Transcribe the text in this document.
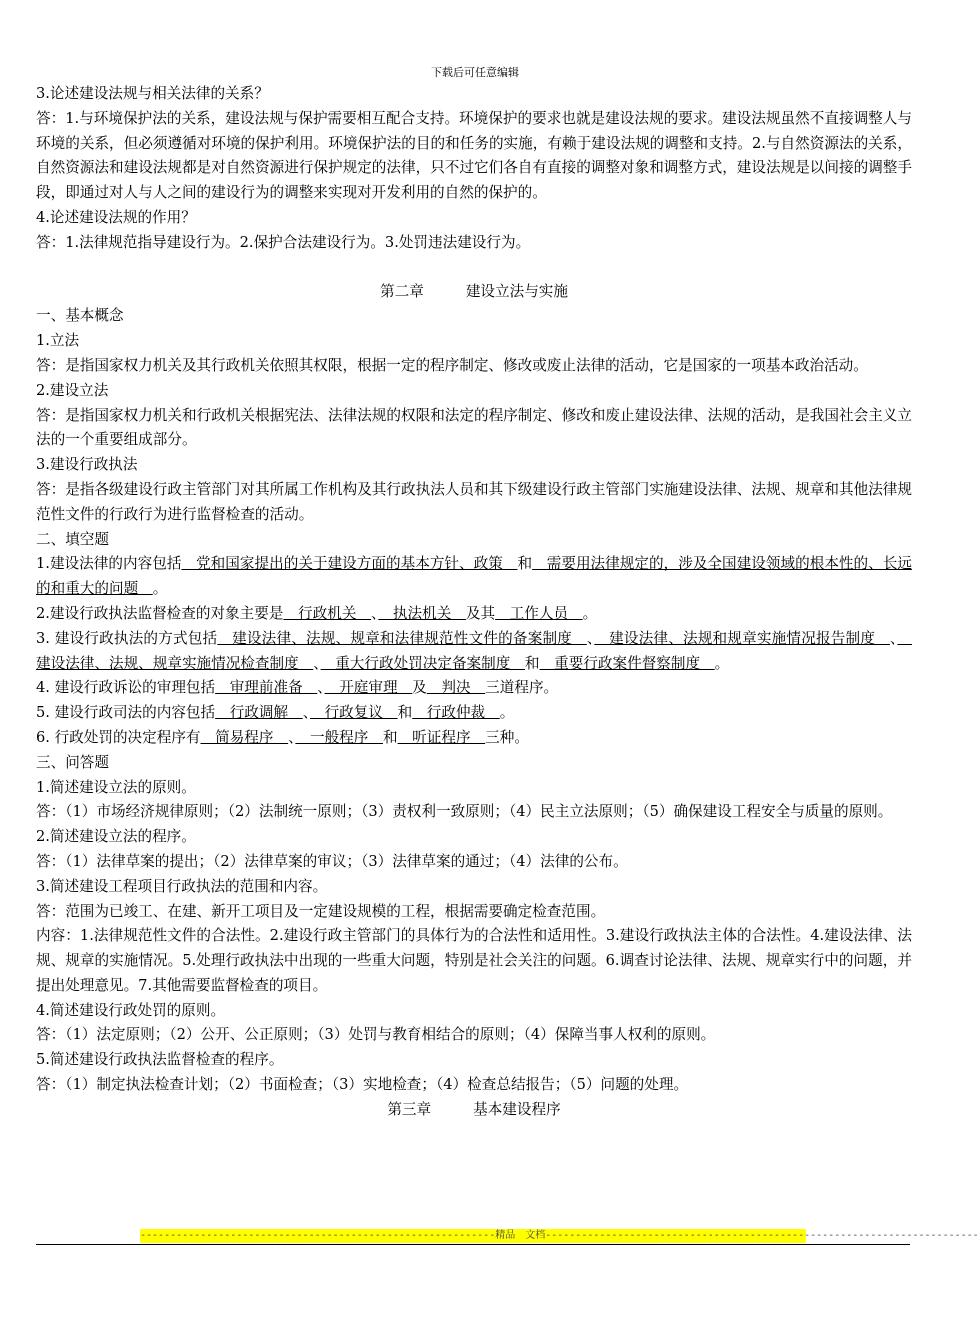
下载后可任意编辑

3.论述建设法规与相关法律的关系？

答：1.与环境保护法的关系，建设法规与保护需要相互配合支持。环境保护的要求也就是建设法规的要求。建设法规虽然不直接调整人与环境的关系，但必须遵循对环境的保护利用。环境保护法的目的和任务的实施，有赖于建设法规的调整和支持。2.与自然资源法的关系，自然资源法和建设法规都是对自然资源进行保护规定的法律，只不过它们各自有直接的调整对象和调整方式，建设法规是以间接的调整手段，即通过对人与人之间的建设行为的调整来实现对开发利用的自然的保护的。

4.论述建设法规的作用？

答：1.法律规范指导建设行为。2.保护合法建设行为。3.处罚违法建设行为。

第二章	建设立法与实施

一、基本概念

1.立法

答：是指国家权力机关及其行政机关依照其权限，根据一定的程序制定、修改或废止法律的活动，它是国家的一项基本政治活动。

2.建设立法

答：是指国家权力机关和行政机关根据宪法、法律法规的权限和法定的程序制定、修改和废止建设法律、法规的活动，是我国社会主义立法的一个重要组成部分。

3.建设行政执法

答：是指各级建设行政主管部门对其所属工作机构及其行政执法人员和其下级建设行政主管部门实施建设法律、法规、规章和其他法律规范性文件的行政行为进行监督检查的活动。

二、填空题

1.建设法律的内容包括　党和国家提出的关于建设方面的基本方针、政策　和　需要用法律规定的，涉及全国建设领域的根本性的、长远的和重大的问题　。

2.建设行政执法监督检查的对象主要是　行政机关　、　执法机关　及其　工作人员　。

3. 建设行政执法的方式包括　建设法律、法规、规章和法律规范性文件的备案制度　、　建设法律、法规和规章实施情况报告制度　、　建设法律、法规、规章实施情况检查制度　、　重大行政处罚决定备案制度　和　重要行政案件督察制度　。

4. 建设行政诉讼的审理包括　审理前准备　、　开庭审理　及　判决　三道程序。

5. 建设行政司法的内容包括　行政调解　、　行政复议　和　行政仲裁　。

6. 行政处罚的决定程序有　简易程序　、　一般程序　和　听证程序　三种。

三、问答题

1.简述建设立法的原则。

答：（1）市场经济规律原则；（2）法制统一原则；（3）责权利一致原则；（4）民主立法原则；（5）确保建设工程安全与质量的原则。

2.简述建设立法的程序。

答：（1）法律草案的提出；（2）法律草案的审议；（3）法律草案的通过；（4）法律的公布。

3.简述建设工程项目行政执法的范围和内容。

答：范围为已竣工、在建、新开工项目及一定建设规模的工程，根据需要确定检查范围。

内容：1.法律规范性文件的合法性。2.建设行政主管部门的具体行为的合法性和适用性。3.建设行政执法主体的合法性。4.建设法律、法规、规章的实施情况。5.处理行政执法中出现的一些重大问题，特别是社会关注的问题。6.调查讨论法律、法规、规章实行中的问题，并提出处理意见。7.其他需要监督检查的项目。

4.简述建设行政处罚的原则。

答：（1）法定原则；（2）公开、公正原则；（3）处罚与教育相结合的原则；（4）保障当事人权利的原则。

5.简述建设行政执法监督检查的程序。

答：（1）制定执法检查计划；（2）书面检查；（3）实地检查；（4）检查总结报告；（5）问题的处理。

第三章	基本建设程序

-----------------------------------------------------------精品　文档------------------------------------------------------------------------
